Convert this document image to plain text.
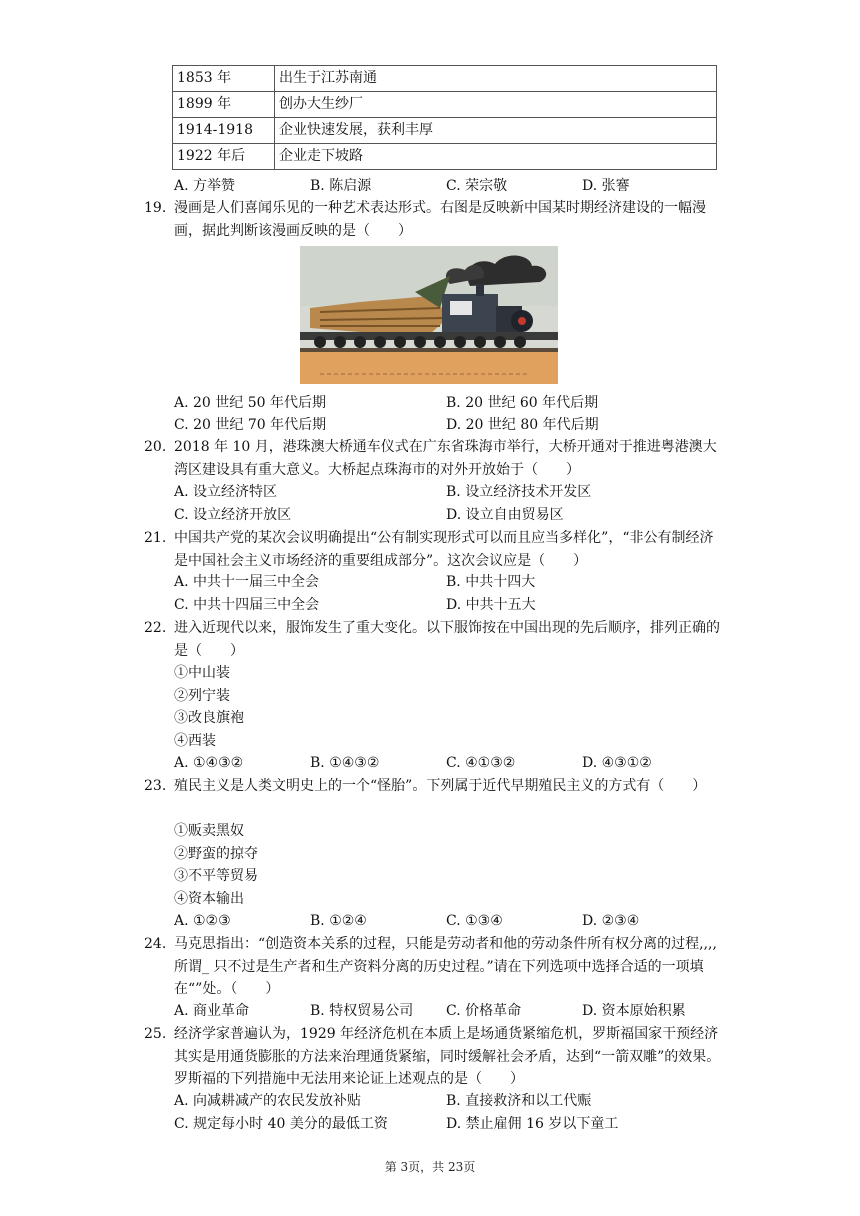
1853 年	出生于江苏南通
1899 年	创办大生纱厂
1914-1918	企业快速发展，获利丰厚
1922 年后	企业走下坡路
A. 方举赞	B. 陈启源	C. 荣宗敬	D. 张謇
19. 漫画是人们喜闻乐见的一种艺术表达形式。右图是反映新中国某时期经济建设的一幅漫画，据此判断该漫画反映的是（　　）
A. 20 世纪 50 年代后期	B. 20 世纪 60 年代后期
C. 20 世纪 70 年代后期	D. 20 世纪 80 年代后期
20. 2018 年 10 月，港珠澳大桥通车仪式在广东省珠海市举行，大桥开通对于推进粤港澳大湾区建设具有重大意义。大桥起点珠海市的对外开放始于（　　）
A. 设立经济特区	B. 设立经济技术开发区
C. 设立经济开放区	D. 设立自由贸易区
21. 中国共产党的某次会议明确提出“公有制实现形式可以而且应当多样化”，“非公有制经济是中国社会主义市场经济的重要组成部分”。这次会议应是（　　）
A. 中共十一届三中全会	B. 中共十四大
C. 中共十四届三中全会	D. 中共十五大
22. 进入近现代以来，服饰发生了重大变化。以下服饰按在中国出现的先后顺序，排列正确的是（　　）
①中山装
②列宁装
③改良旗袍
④西装
A. ①④③②	B. ①④③②	C. ④①③②	D. ④③①②
23. 殖民主义是人类文明史上的一个“怪胎”。下列属于近代早期殖民主义的方式有（　　）
①贩卖黑奴
②野蛮的掠夺
③不平等贸易
④资本输出
A. ①②③	B. ①②④	C. ①③④	D. ②③④
24. 马克思指出：“创造资本关系的过程，只能是劳动者和他的劳动条件所有权分离的过程,,,,所谓_ 只不过是生产者和生产资料分离的历史过程。”请在下列选项中选择合适的一项填在“”处。（　　）
A. 商业革命	B. 特权贸易公司 C. 价格革命	D. 资本原始积累
25. 经济学家普遍认为，1929 年经济危机在本质上是场通货紧缩危机，罗斯福国家干预经济其实是用通货膨胀的方法来治理通货紧缩，同时缓解社会矛盾，达到“一箭双雕”的效果。罗斯福的下列措施中无法用来论证上述观点的是（　　）
A. 向减耕减产的农民发放补贴	B. 直接救济和以工代赈
C. 规定每小时 40 美分的最低工资	D. 禁止雇佣 16 岁以下童工
第 3页，共 23页
